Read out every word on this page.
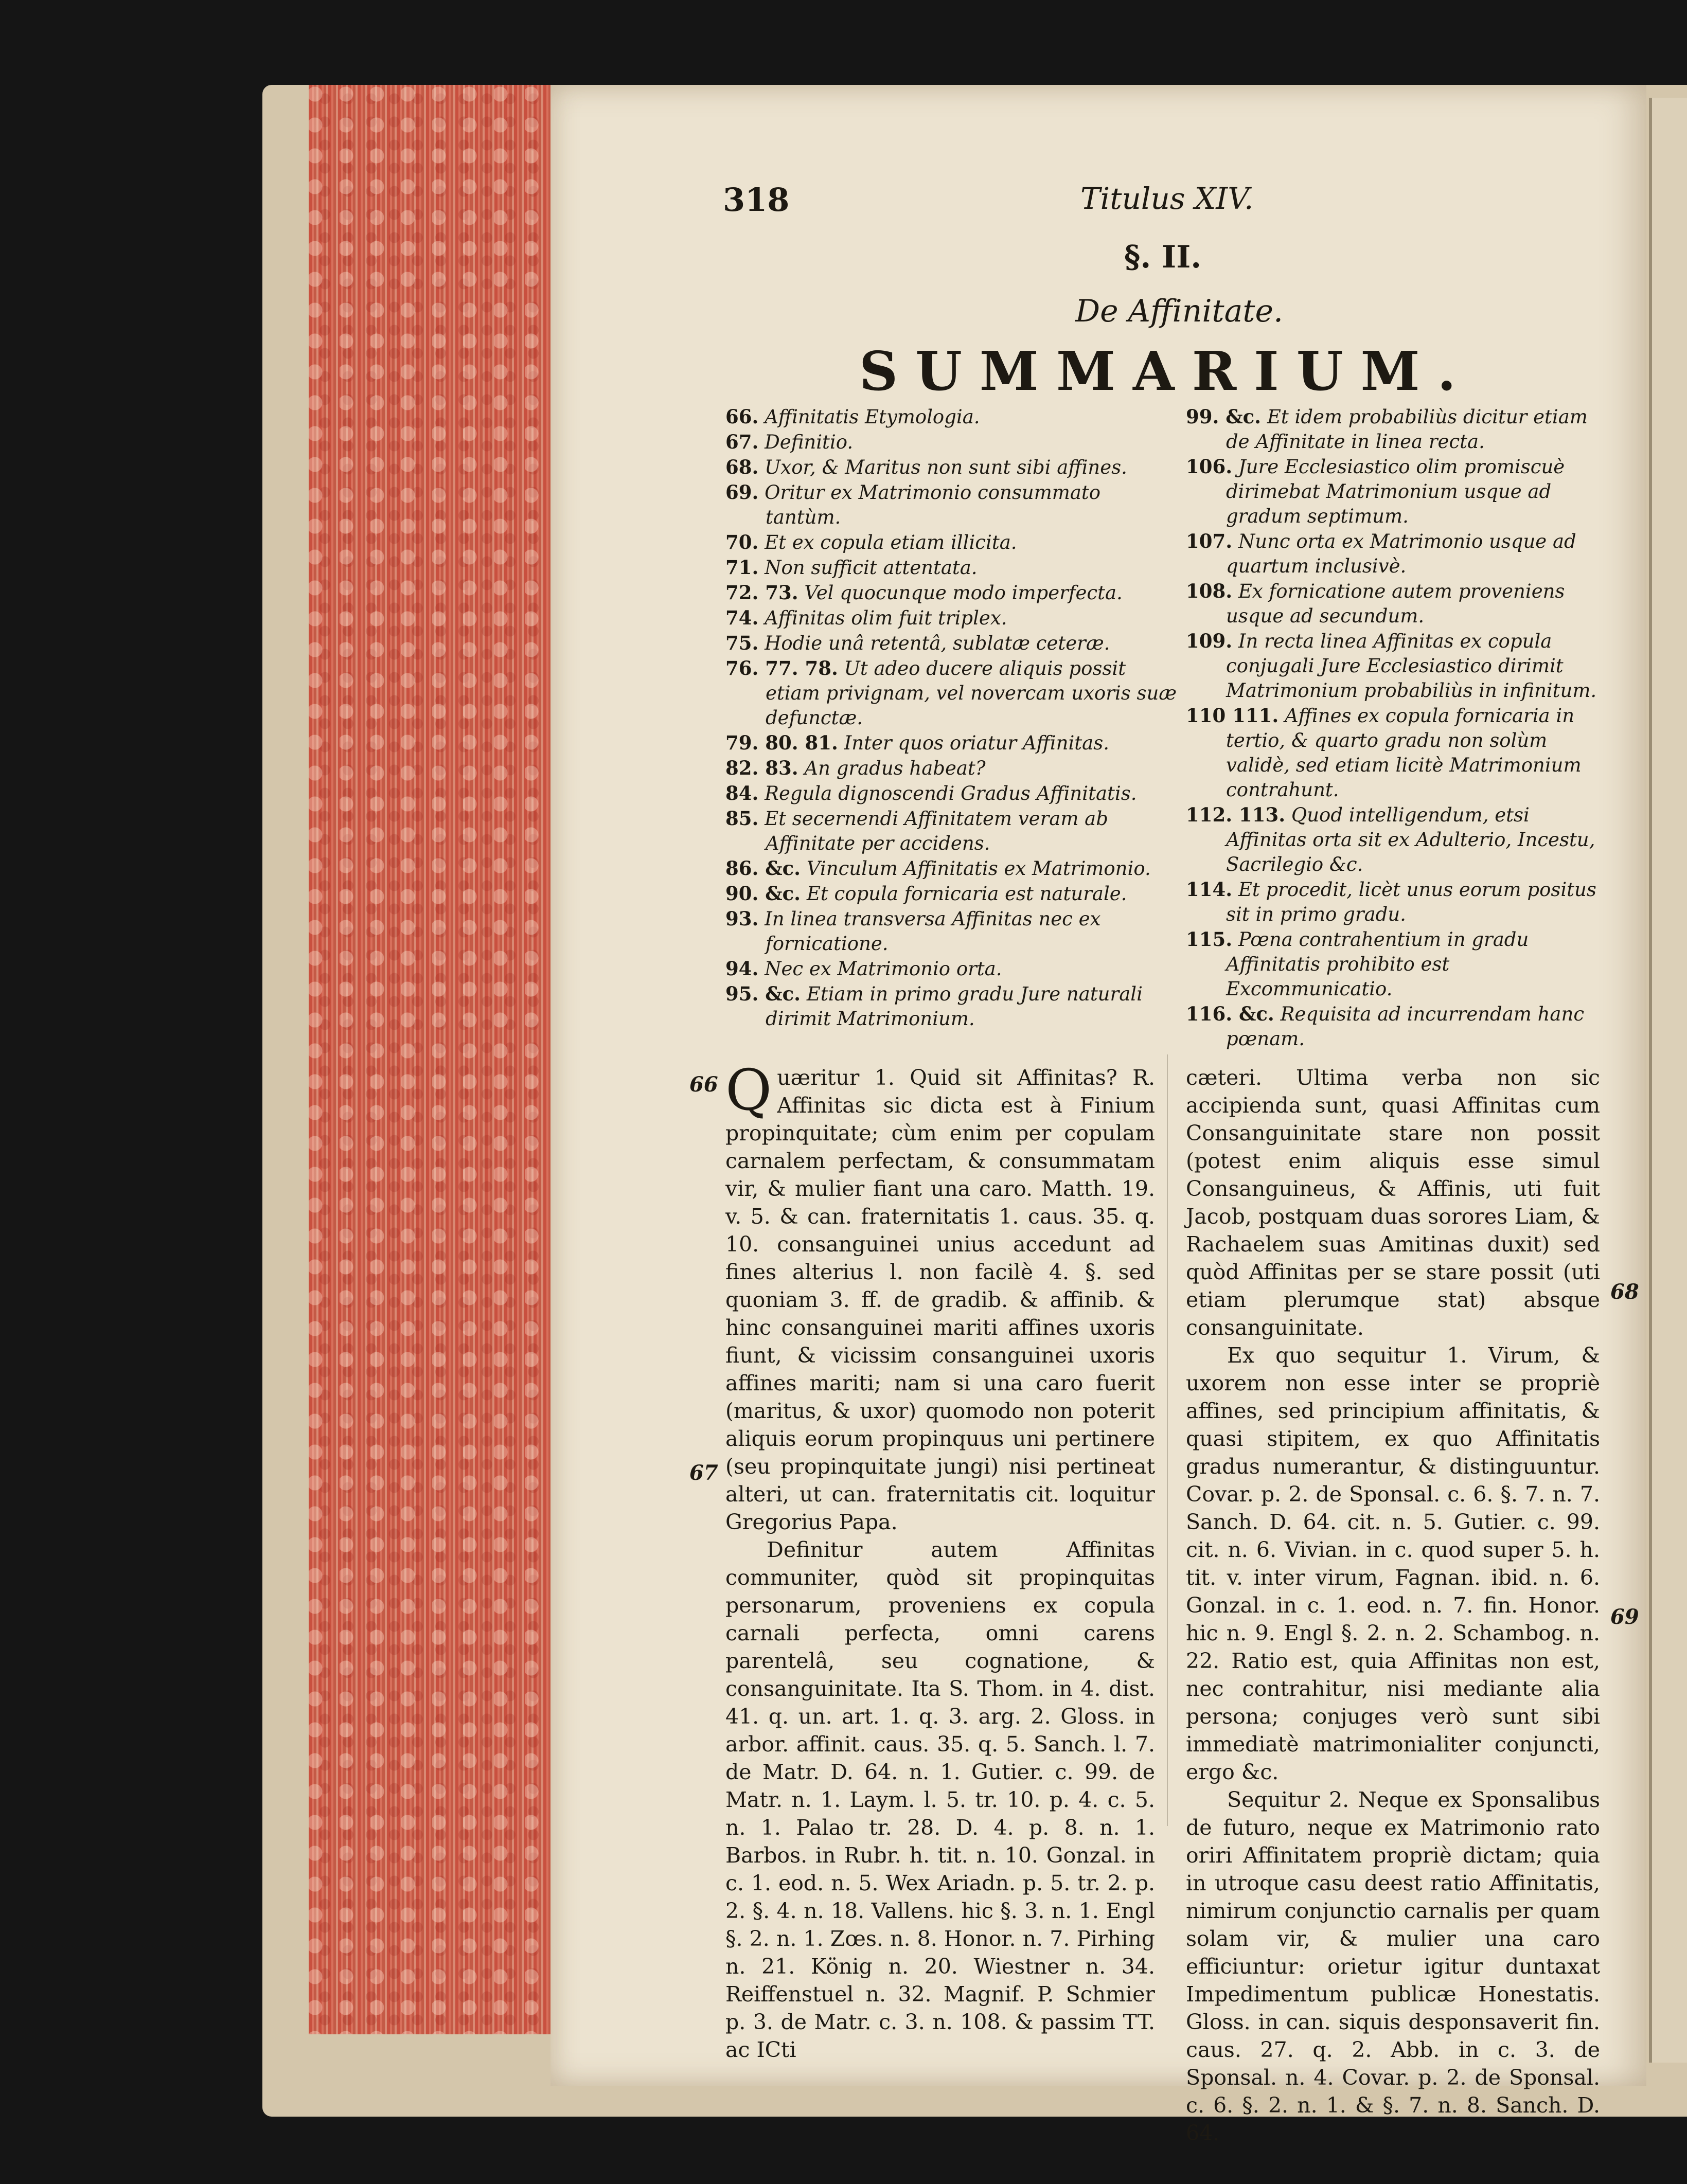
318	Titulus XIV.
§. II.
De Affinitate.
SUMMARIUM.

66. Affinitatis Etymologia.

67. Definitio.

68. Uxor, & Maritus non sunt sibi affines.

69. Oritur ex Matrimonio consummato tantùm.

70. Et ex copula etiam illicita.

71. Non sufficit attentata.

72. 73. Vel quocunque modo imperfecta.

74. Affinitas olim fuit triplex.

75. Hodie unâ retentâ, sublatæ ceteræ.

76. 77. 78. Ut adeo ducere aliquis possit etiam privignam, vel novercam uxoris suæ defunctæ.

79. 80. 81. Inter quos oriatur Affinitas.

82. 83. An gradus habeat?

84. Regula dignoscendi Gradus Affinitatis.

85. Et secernendi Affinitatem veram ab Affinitate per accidens.

86. &c. Vinculum Affinitatis ex Matrimonio.

90. &c. Et copula fornicaria est naturale.

93. In linea transversa Affinitas nec ex fornicatione.

94. Nec ex Matrimonio orta.

95. &c. Etiam in primo gradu Jure naturali dirimit Matrimonium.

99. &c. Et idem probabiliùs dicitur etiam de Affinitate in linea recta.

106. Jure Ecclesiastico olim promiscuè dirimebat Matrimonium usque ad gradum septimum.

107. Nunc orta ex Matrimonio usque ad quartum inclusivè.

108. Ex fornicatione autem proveniens usque ad secundum.

109. In recta linea Affinitas ex copula conjugali Jure Ecclesiastico dirimit Matrimonium probabiliùs in infinitum.

110 111. Affines ex copula fornicaria in tertio, & quarto gradu non solùm validè, sed etiam licitè Matrimonium contrahunt.

112. 113. Quod intelligendum, etsi Affinitas orta sit ex Adulterio, Incestu, Sacrilegio &c.

114. Et procedit, licèt unus eorum positus sit in primo gradu.

115. Pœna contrahentium in gradu Affinitatis prohibito est Excommunicatio.

116. &c. Requisita ad incurrendam hanc pœnam.

66
67
68
69

Quæritur 1. Quid sit Affinitas? R. Affinitas sic dicta est à Finium propinquitate; cùm enim per copulam carnalem perfectam, & consummatam vir, & mulier fiant una caro. Matth. 19. v. 5. & can. fraternitatis 1. caus. 35. q. 10. consanguinei unius accedunt ad fines alterius l. non facilè 4. §. sed quoniam 3. ff. de gradib. & affinib. & hinc consanguinei mariti affines uxoris fiunt, & vicissim consanguinei uxoris affines mariti; nam si una caro fuerit (maritus, & uxor) quomodo non poterit aliquis eorum propinquus uni pertinere (seu propinquitate jungi) nisi pertineat alteri, ut can. fraternitatis cit. loquitur Gregorius Papa.

Definitur autem Affinitas communiter, quòd sit propinquitas personarum, proveniens ex copula carnali perfecta, omni carens parentelâ, seu cognatione, & consanguinitate. Ita S. Thom. in 4. dist. 41. q. un. art. 1. q. 3. arg. 2. Gloss. in arbor. affinit. caus. 35. q. 5. Sanch. l. 7. de Matr. D. 64. n. 1. Gutier. c. 99. de Matr. n. 1. Laym. l. 5. tr. 10. p. 4. c. 5. n. 1. Palao tr. 28. D. 4. p. 8. n. 1. Barbos. in Rubr. h. tit. n. 10. Gonzal. in c. 1. eod. n. 5. Wex Ariadn. p. 5. tr. 2. p. 2. §. 4. n. 18. Vallens. hic §. 3. n. 1. Engl §. 2. n. 1. Zœs. n. 8. Honor. n. 7. Pirhing n. 21. König n. 20. Wiestner n. 34. Reiffenstuel n. 32. Magnif. P. Schmier p. 3. de Matr. c. 3. n. 108. & passim TT. ac ICti

cæteri. Ultima verba non sic accipienda sunt, quasi Affinitas cum Consanguinitate stare non possit (potest enim aliquis esse simul Consanguineus, & Affinis, uti fuit Jacob, postquam duas sorores Liam, & Rachaelem suas Amitinas duxit) sed quòd Affinitas per se stare possit (uti etiam plerumque stat) absque consanguinitate.

Ex quo sequitur 1. Virum, & uxorem non esse inter se propriè affines, sed principium affinitatis, & quasi stipitem, ex quo Affinitatis gradus numerantur, & distinguuntur. Covar. p. 2. de Sponsal. c. 6. §. 7. n. 7. Sanch. D. 64. cit. n. 5. Gutier. c. 99. cit. n. 6. Vivian. in c. quod super 5. h. tit. v. inter virum, Fagnan. ibid. n. 6. Gonzal. in c. 1. eod. n. 7. fin. Honor. hic n. 9. Engl §. 2. n. 2. Schambog. n. 22. Ratio est, quia Affinitas non est, nec contrahitur, nisi mediante alia persona; conjuges verò sunt sibi immediatè matrimonialiter conjuncti, ergo &c.

Sequitur 2. Neque ex Sponsalibus de futuro, neque ex Matrimonio rato oriri Affinitatem propriè dictam; quia in utroque casu deest ratio Affinitatis, nimirum conjunctio carnalis per quam solam vir, & mulier una caro efficiuntur: orietur igitur duntaxat Impedimentum publicæ Honestatis. Gloss. in can. siquis desponsaverit fin. caus. 27. q. 2. Abb. in c. 3. de Sponsal. n. 4. Covar. p. 2. de Sponsal. c. 6. §. 2. n. 1. & §. 7. n. 8. Sanch. D. 64.
